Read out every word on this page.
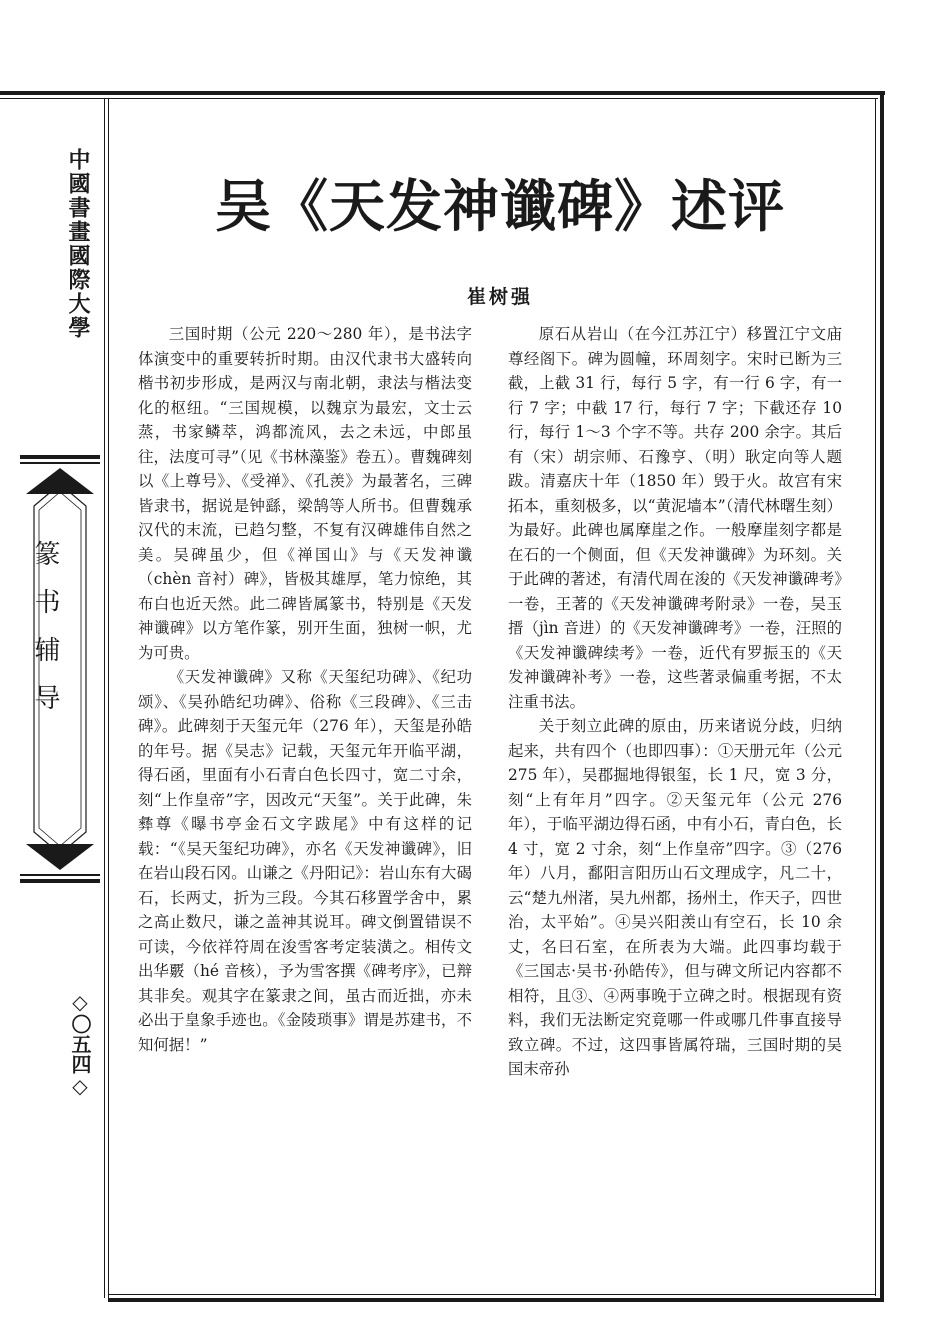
中國書畫國際大學
篆书辅导
◇〇五四◇
吴《天发神谶碑》述评
崔树强

三国时期（公元 220～280 年），是书法字体演变中的重要转折时期。由汉代隶书大盛转向楷书初步形成，是两汉与南北朝，隶法与楷法变化的枢纽。“三国规模，以魏京为最宏，文士云蒸，书家鳞萃，鸿都流风，去之未远，中郎虽往，法度可寻”（见《书林藻鉴》卷五）。曹魏碑刻以《上尊号》、《受禅》、《孔羡》为最著名，三碑皆隶书，据说是钟繇，梁鹄等人所书。但曹魏承汉代的末流，已趋匀整，不复有汉碑雄伟自然之美。吴碑虽少，但《禅国山》与《天发神谶（chèn 音衬）碑》，皆极其雄厚，笔力惊绝，其布白也近天然。此二碑皆属篆书，特别是《天发神谶碑》以方笔作篆，别开生面，独树一帜，尤为可贵。

《天发神谶碑》又称《天玺纪功碑》、《纪功颂》、《吴孙皓纪功碑》、俗称《三段碑》、《三击碑》。此碑刻于天玺元年（276 年），天玺是孙皓的年号。据《吴志》记载，天玺元年开临平湖，得石函，里面有小石青白色长四寸，宽二寸余，刻“上作皇帝”字，因改元“天玺”。关于此碑，朱彝尊《曝书亭金石文字跋尾》中有这样的记载：“《吴天玺纪功碑》，亦名《天发神谶碑》，旧在岩山段石冈。山谦之《丹阳记》：岩山东有大碣石，长两丈，折为三段。今其石移置学舍中，累之高止数尺，谦之盖神其说耳。碑文倒置错误不可读，今依祥符周在浚雪客考定装潢之。相传文出华覈（hé 音核），予为雪客撰《碑考序》，已辩其非矣。观其字在篆隶之间，虽古而近拙，亦未必出于皇象手迹也。《金陵琐事》谓是苏建书，不知何据！”

原石从岩山（在今江苏江宁）移置江宁文庙尊经阁下。碑为圆幢，环周刻字。宋时已断为三截，上截 31 行，每行 5 字，有一行 6 字，有一行 7 字；中截 17 行，每行 7 字；下截还存 10 行，每行 1～3 个字不等。共存 200 余字。其后有（宋）胡宗师、石豫亨、（明）耿定向等人题跋。清嘉庆十年（1850 年）毁于火。故宫有宋拓本，重刻极多，以“黄泥墙本”（清代林曙生刻）为最好。此碑也属摩崖之作。一般摩崖刻字都是在石的一个侧面，但《天发神谶碑》为环刻。关于此碑的著述，有清代周在浚的《天发神谶碑考》一卷，王著的《天发神谶碑考附录》一卷，吴玉搢（jìn 音进）的《天发神谶碑考》一卷，汪照的《天发神谶碑续考》一卷，近代有罗振玉的《天发神谶碑补考》一卷，这些著录偏重考据，不太注重书法。

关于刻立此碑的原由，历来诸说分歧，归纳起来，共有四个（也即四事）：①天册元年（公元 275 年），吴郡掘地得银玺，长 1 尺，宽 3 分，刻“上有年月”四字。②天玺元年（公元 276 年），于临平湖边得石函，中有小石，青白色，长 4 寸，宽 2 寸余，刻“上作皇帝”四字。③（276 年）八月，鄱阳言阳历山石文理成字，凡二十，云“楚九州渚，吴九州都，扬州土，作天子，四世治，太平始”。④吴兴阳羡山有空石，长 10 余丈，名曰石室，在所表为大端。此四事均载于《三国志·吴书·孙皓传》，但与碑文所记内容都不相符，且③、④两事晚于立碑之时。根据现有资料，我们无法断定究竟哪一件或哪几件事直接导致立碑。不过，这四事皆属符瑞，三国时期的吴国末帝孙
